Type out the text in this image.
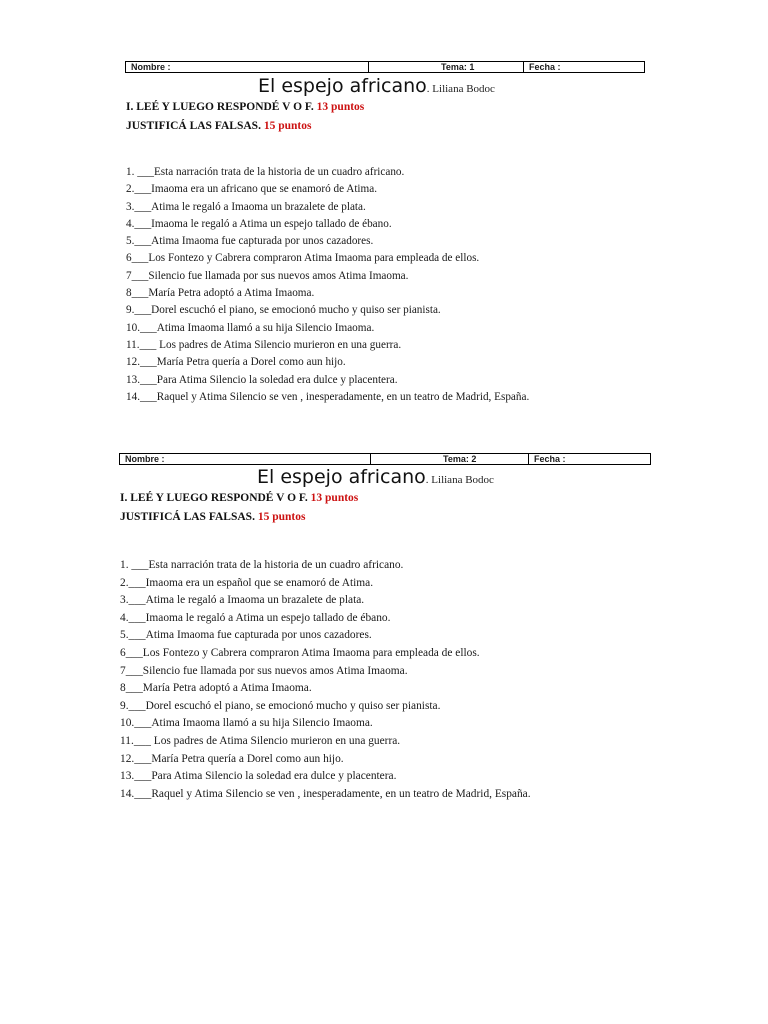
Nombre :	Tema: 1	Fecha :
El espejo africano. Liliana Bodoc
I. LEÉ Y LUEGO RESPONDÉ V O F. 13 puntos
JUSTIFICÁ LAS FALSAS. 15 puntos
1. ___Esta narración trata de la historia de un cuadro africano.
2.___Imaoma era un africano que se enamoró de Atima.
3.___Atima le regaló a Imaoma un brazalete de plata.
4.___Imaoma le regaló a Atima un espejo tallado de ébano.
5.___Atima Imaoma fue capturada por unos cazadores.
6___Los Fontezo y Cabrera compraron Atima Imaoma para empleada de ellos.
7___Silencio fue llamada por sus nuevos amos Atima Imaoma.
8___María Petra adoptó a Atima Imaoma.
9.___Dorel escuchó el piano, se emocionó mucho y quiso ser pianista.
10.___Atima Imaoma llamó a su hija Silencio Imaoma.
11.___ Los padres de Atima Silencio murieron en una guerra.
12.___María Petra quería a Dorel como aun hijo.
13.___Para Atima Silencio la soledad era dulce y placentera.
14.___Raquel y Atima Silencio se ven , inesperadamente, en un teatro de Madrid, España.
Nombre :	Tema: 2	Fecha :
El espejo africano. Liliana Bodoc
I. LEÉ Y LUEGO RESPONDÉ V O F. 13 puntos
JUSTIFICÁ LAS FALSAS. 15 puntos
1. ___Esta narración trata de la historia de un cuadro africano.
2.___Imaoma era un español que se enamoró de Atima.
3.___Atima le regaló a Imaoma un brazalete de plata.
4.___Imaoma le regaló a Atima un espejo tallado de ébano.
5.___Atima Imaoma fue capturada por unos cazadores.
6___Los Fontezo y Cabrera compraron Atima Imaoma para empleada de ellos.
7___Silencio fue llamada por sus nuevos amos Atima Imaoma.
8___María Petra adoptó a Atima Imaoma.
9.___Dorel escuchó el piano, se emocionó mucho y quiso ser pianista.
10.___Atima Imaoma llamó a su hija Silencio Imaoma.
11.___ Los padres de Atima Silencio murieron en una guerra.
12.___María Petra quería a Dorel como aun hijo.
13.___Para Atima Silencio la soledad era dulce y placentera.
14.___Raquel y Atima Silencio se ven , inesperadamente, en un teatro de Madrid, España.
